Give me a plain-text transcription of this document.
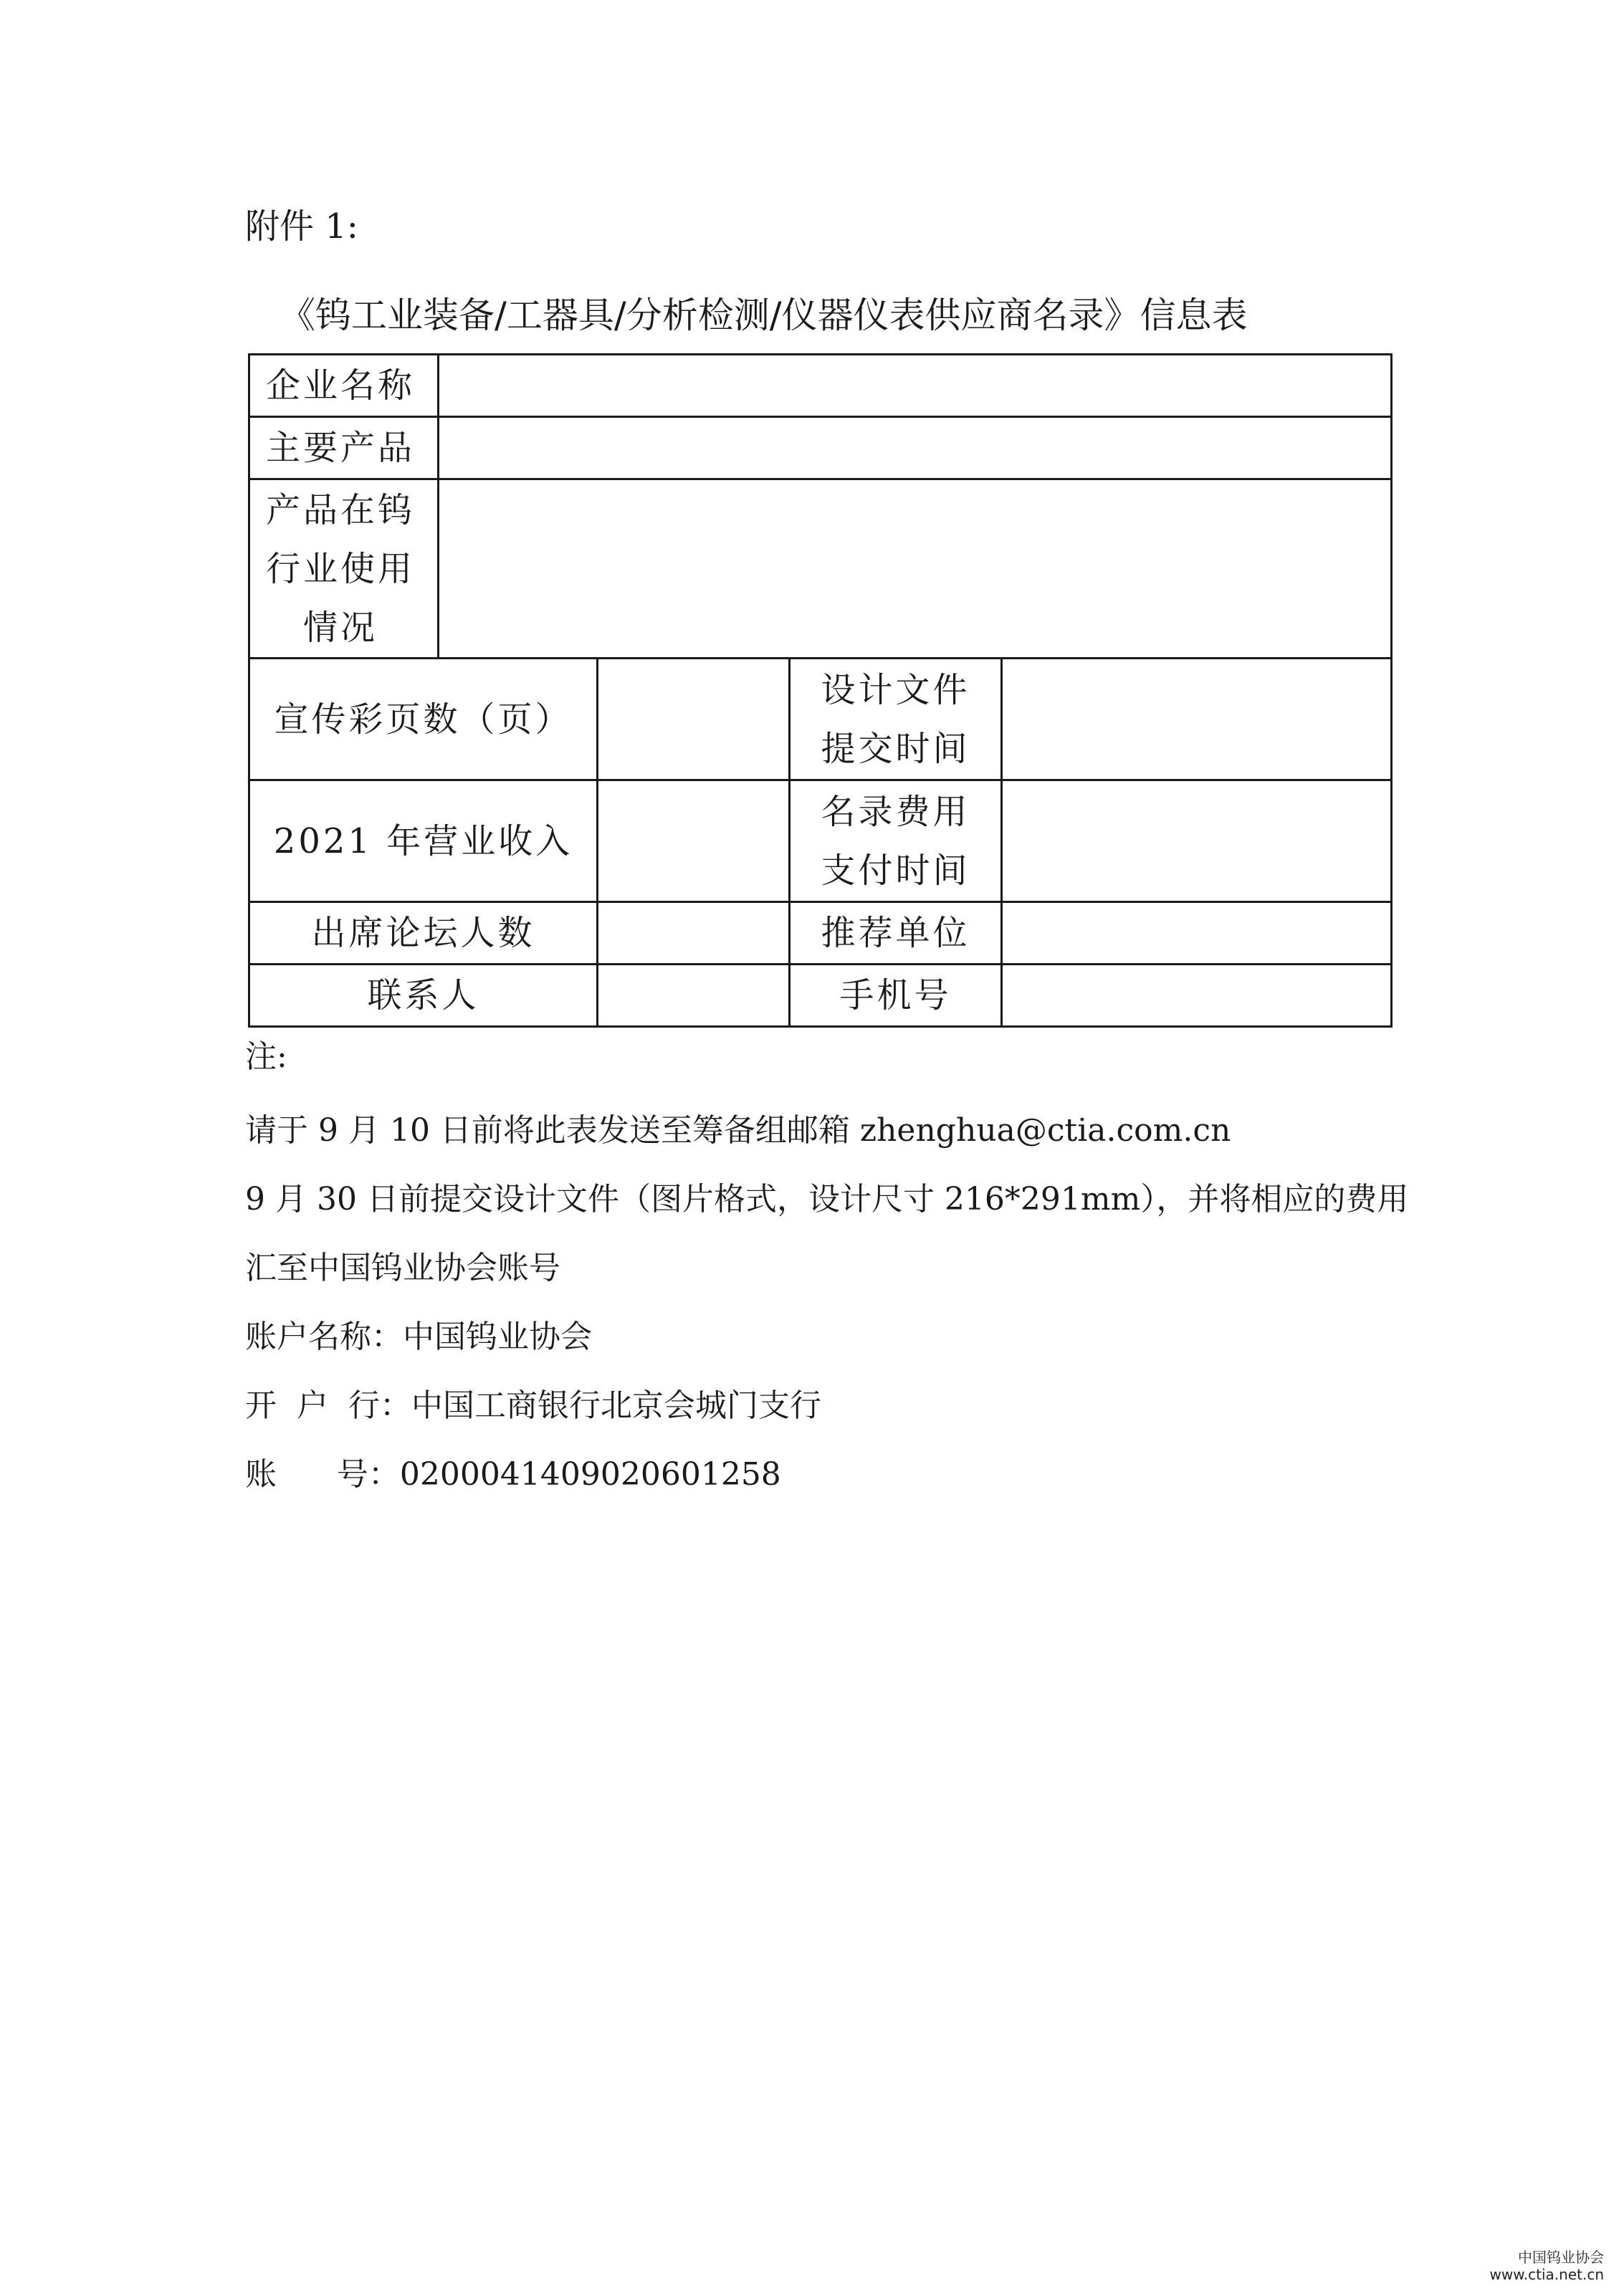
附件 1:
《钨工业装备/工器具/分析检测/仪器仪表供应商名录》信息表
企业名称				
主要产品				

产品在钨
行业使用
情况				

宣传彩页数（页）			设计文件
提交时间	

2021 年营业收入			名录费用
支付时间	

出席论坛人数			推荐单位	
联系人			手机号	

注:

请于 9 月 10 日前将此表发送至筹备组邮箱 zhenghua@ctia.com.cn

9 月 30 日前提交设计文件（图片格式，设计尺寸 216*291mm），并将相应的费用

汇至中国钨业协会账号

账户名称：中国钨业协会

开  户  行：中国工商银行北京会城门支行

账      号：0200041409020601258

中国钨业协会
www.ctia.net.cn
